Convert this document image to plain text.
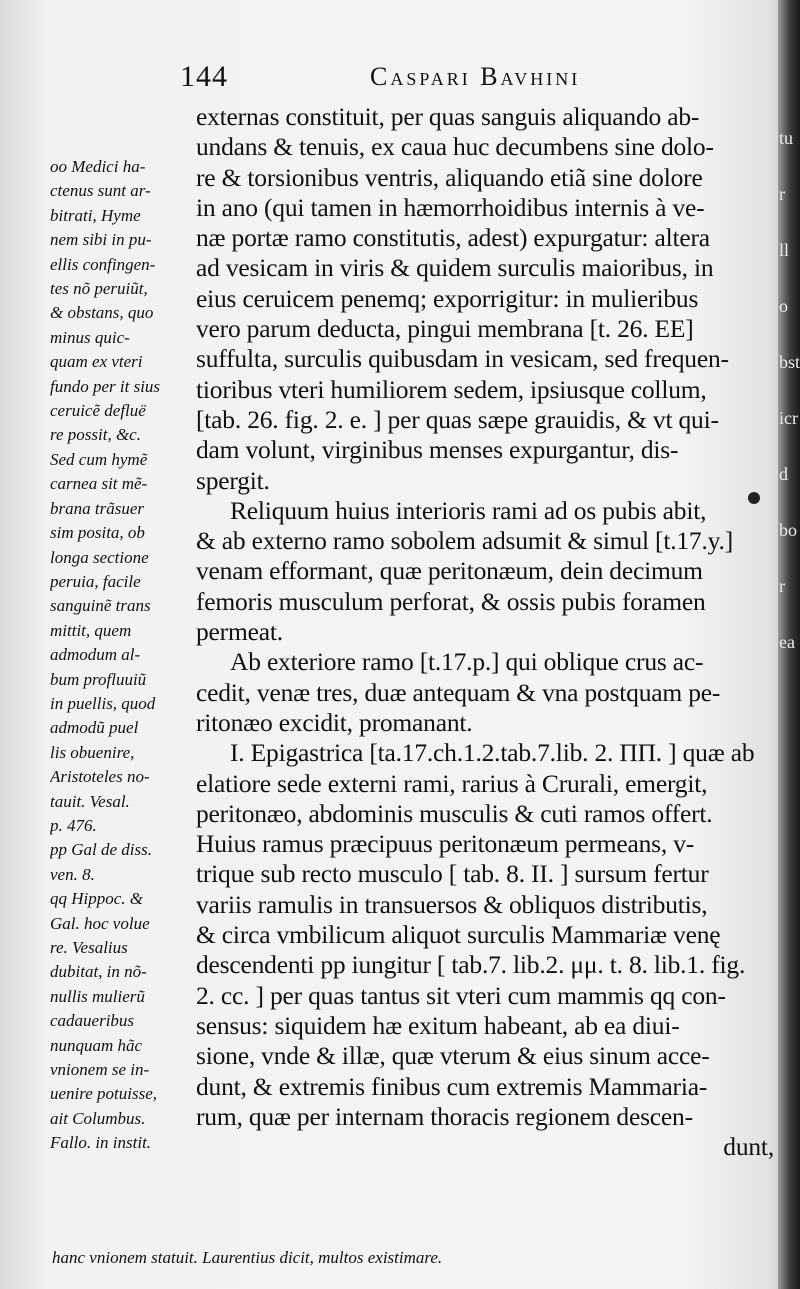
tu
r
ll
o
bst
icr
d
bo
r
ea
144	Caspari Bavhini
externas constituit, per quas sanguis aliquando ab-
undans & tenuis, ex caua huc decumbens sine dolo-
re & torsionibus ventris, aliquando etiã sine dolore
in ano (qui tamen in hæmorrhoidibus internis à ve-
næ portæ ramo constitutis, adest) expurgatur: altera
ad vesicam in viris & quidem surculis maioribus, in
eius ceruicem penemq; exporrigitur: in mulieribus
vero parum deducta, pingui membrana [t. 26. EE]
suffulta, surculis quibusdam in vesicam, sed frequen-
tioribus vteri humiliorem sedem, ipsiusque collum,
[tab. 26. fig. 2. e. ] per quas sæpe grauidis, & vt qui-
dam volunt, virginibus menses expurgantur, dis-
spergit.
Reliquum huius interioris rami ad os pubis abit,
& ab externo ramo sobolem adsumit & simul [t.17.y.]
venam efformant, quæ peritonæum, dein decimum
femoris musculum perforat, & ossis pubis foramen
permeat.
Ab exteriore ramo [t.17.p.] qui oblique crus ac-
cedit, venæ tres, duæ antequam & vna postquam pe-
ritonæo excidit, promanant.
I. Epigastrica [ta.17.ch.1.2.tab.7.lib. 2. ΠΠ. ] quæ ab
elatiore sede externi rami, rarius à Crurali, emergit,
peritonæo, abdominis musculis & cuti ramos offert.
Huius ramus præcipuus peritonæum permeans, v-
trique sub recto musculo [ tab. 8. II. ] sursum fertur
variis ramulis in transuersos & obliquos distributis,
& circa vmbilicum aliquot surculis Mammariæ venę
descendenti pp iungitur [ tab.7. lib.2. μμ. t. 8. lib.1. fig.
2. cc. ] per quas tantus sit vteri cum mammis qq con-
sensus: siquidem hæ exitum habeant, ab ea diui-
sione, vnde & illæ, quæ vterum & eius sinum acce-
dunt, & extremis finibus cum extremis Mammaria-
rum, quæ per internam thoracis regionem descen-
dunt,
oo Medici ha-
ctenus sunt ar-
bitrati, Hyme
nem sibi in pu-
ellis confingen-
tes nõ peruiũt,
& obstans, quo
minus quic-
quam ex vteri
fundo per it sius
ceruicẽ defluë
re possit, &c.
Sed cum hymẽ
carnea sit mẽ-
brana trãsuer
sim posita, ob
longa sectione
peruia, facile
sanguinẽ trans
mittit, quem
admodum al-
bum profluuiũ
in puellis, quod
admodũ puel
lis obuenire,
Aristoteles no-
tauit. Vesal.
p. 476.
pp Gal de diss.
ven. 8.
qq Hippoc. &
Gal. hoc volue
re. Vesalius
dubitat, in nõ-
nullis mulierũ
cadaueribus
nunquam hãc
vnionem se in-
uenire potuisse,
ait Columbus.
Fallo. in instit.
hanc vnionem statuit. Laurentius dicit, multos existimare.
